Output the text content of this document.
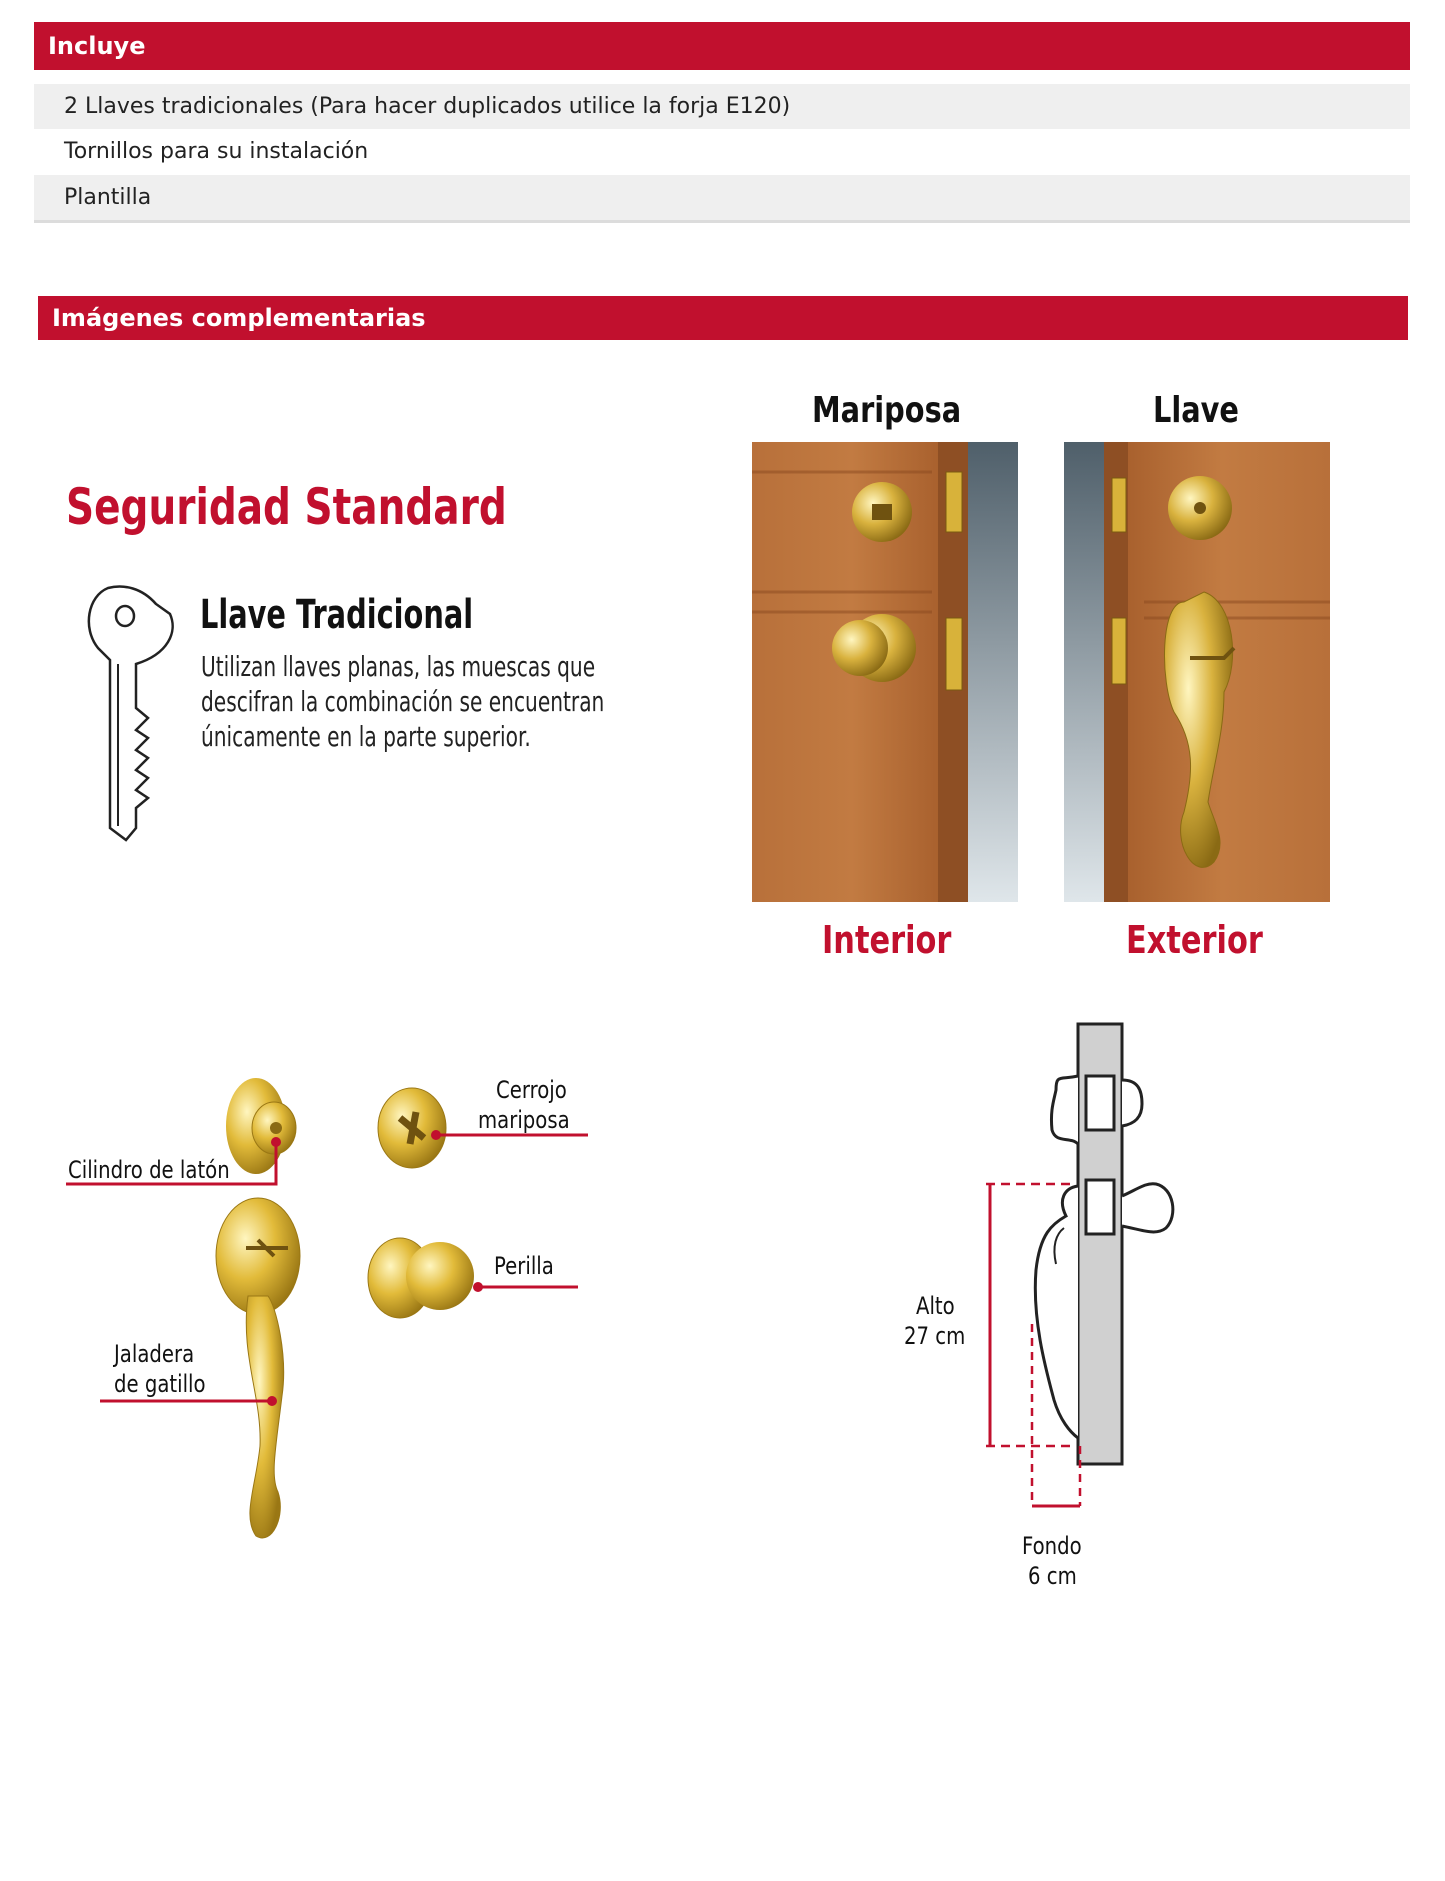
Incluye
2 Llaves tradicionales (Para hacer duplicados utilice la forja E120)
Tornillos para su instalación
Plantilla
Imágenes complementarias
Seguridad Standard
Llave Tradicional
Utilizan llaves planas, las muescas que
descifran la combinación se encuentran
únicamente en la parte superior.
Mariposa	Llave
Interior	Exterior
Cilindro de latón
Cerrojo
mariposa
Perilla
Jaladera
de gatillo
Alto
27 cm
Fondo
6 cm
